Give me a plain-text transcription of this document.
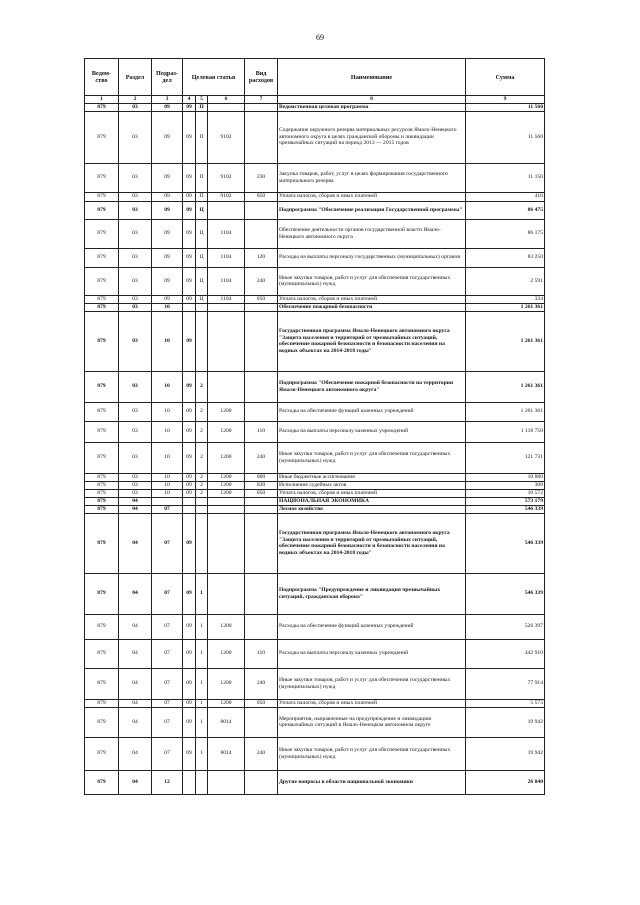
69
Ведом-ство	Раздел	Подраз-дел	Целевая статья			Вид расходов	Наименование	Сумма
1	2	3	4	5	6	7	8	9
879	03	09	09	П			Ведомственная целевая программа	11 560
879	03	09	09	П	9102		Содержание окружного резерва материальных ресурсов Ямало-Ненецкого автономного округа в целях гражданской обороны и ликвидации чрезвычайных ситуаций на период 2013 — 2015 годов	11 560
879	03	09	09	П	9102	230	Закупка товаров, работ, услуг в целях формирования государственного материального резерва	11 150
879	03	09	09	П	9102	850	Уплата налогов, сборов и иных платежей	410
879	03	09	09	Ц			Подпрограмма "Обеспечение реализации Государственной программы"	86 475
879	03	09	09	Ц	1104		Обеспечение деятельности органов государственной власти Ямало-Ненецкого автономного округа	86 175
879	03	09	09	Ц	1104	120	Расходы на выплаты персоналу государственных (муниципальных) органов	83 250
879	03	09	09	Ц	1104	240	Иные закупки товаров, работ и услуг для обеспечения государственных (муниципальных) нужд	2 591
879	03	09	09	Ц	1104	850	Уплата налогов, сборов и иных платежей	334
879	03	10					Обеспечение пожарной безопасности	1 261 361
879	03	10	09				Государственная программа Ямало-Ненецкого автономного округа "Защита населения и территорий от чрезвычайных ситуаций, обеспечение пожарной безопасности и безопасности населения на водных объектах на 2014-2018 годы"	1 261 361
879	03	10	09	2			Подпрограмма "Обеспечение пожарной безопасности на территории Ямало-Ненецкого автономного округа"	1 261 361
879	03	10	09	2	1200		Расходы на обеспечение функций казенных учреждений	1 261 361
879	03	10	09	2	1200	110	Расходы на выплаты персоналу казенных учреждений	1 118 750
879	03	10	09	2	1200	240	Иные закупки товаров, работ и услуг для обеспечения государственных (муниципальных) нужд	121 731
879	03	10	09	2	1200	800	Иные бюджетные ассигнования	10 880
879	03	10	09	2	1200	830	Исполнение судебных актов	308
879	03	10	09	2	1200	850	Уплата налогов, сборов и иных платежей	10 572
879	04						НАЦИОНАЛЬНАЯ ЭКОНОМИКА	573 179
879	04	07					Лесное хозяйство	546 339
879	04	07	09				Государственная программа Ямало-Ненецкого автономного округа "Защита населения и территорий от чрезвычайных ситуаций, обеспечение пожарной безопасности и безопасности населения на водных объектах на 2014-2018 годы"	546 339
879	04	07	09	1			Подпрограмма "Предупреждение и ликвидация чрезвычайных ситуаций, гражданская оборона"	546 339
879	04	07	09	1	1200		Расходы на обеспечение функций казенных учреждений	526 397
879	04	07	09	1	1200	110	Расходы на выплаты персоналу казенных учреждений	442 910
879	04	07	09	1	1200	240	Иные закупки товаров, работ и услуг для обеспечения государственных (муниципальных) нужд	77 914
879	04	07	09	1	1200	850	Уплата налогов, сборов и иных платежей	5 573
879	04	07	09	1	8014		Мероприятия, направленные на предупреждение и ликвидацию чрезвычайных ситуаций в Ямало-Ненецком автономном округе	19 942
879	04	07	09	1	8014	240	Иные закупки товаров, работ и услуг для обеспечения государственных (муниципальных) нужд	19 942
879	04	12					Другие вопросы в области национальной экономики	26 840
